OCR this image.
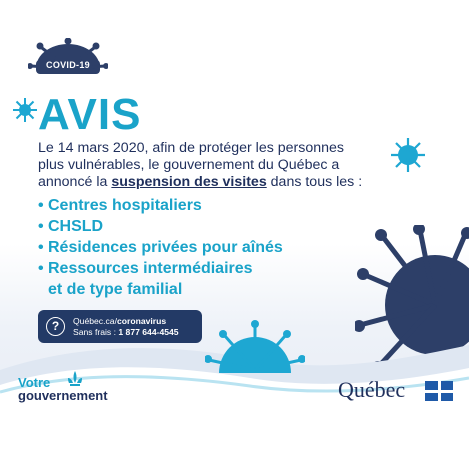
COVID-19
AVIS
Le 14 mars 2020, afin de protéger les personnes
plus vulnérables, le gouvernement du Québec a
annoncé la suspension des visites dans tous les :
• Centres hospitaliers
• CHSLD
• Résidences privées pour aînés
• Ressources intermédiaires
et de type familial
?	Québec.ca/coronavirus
Sans frais : 1 877 644-4545
Votre
gouvernement	Québec
